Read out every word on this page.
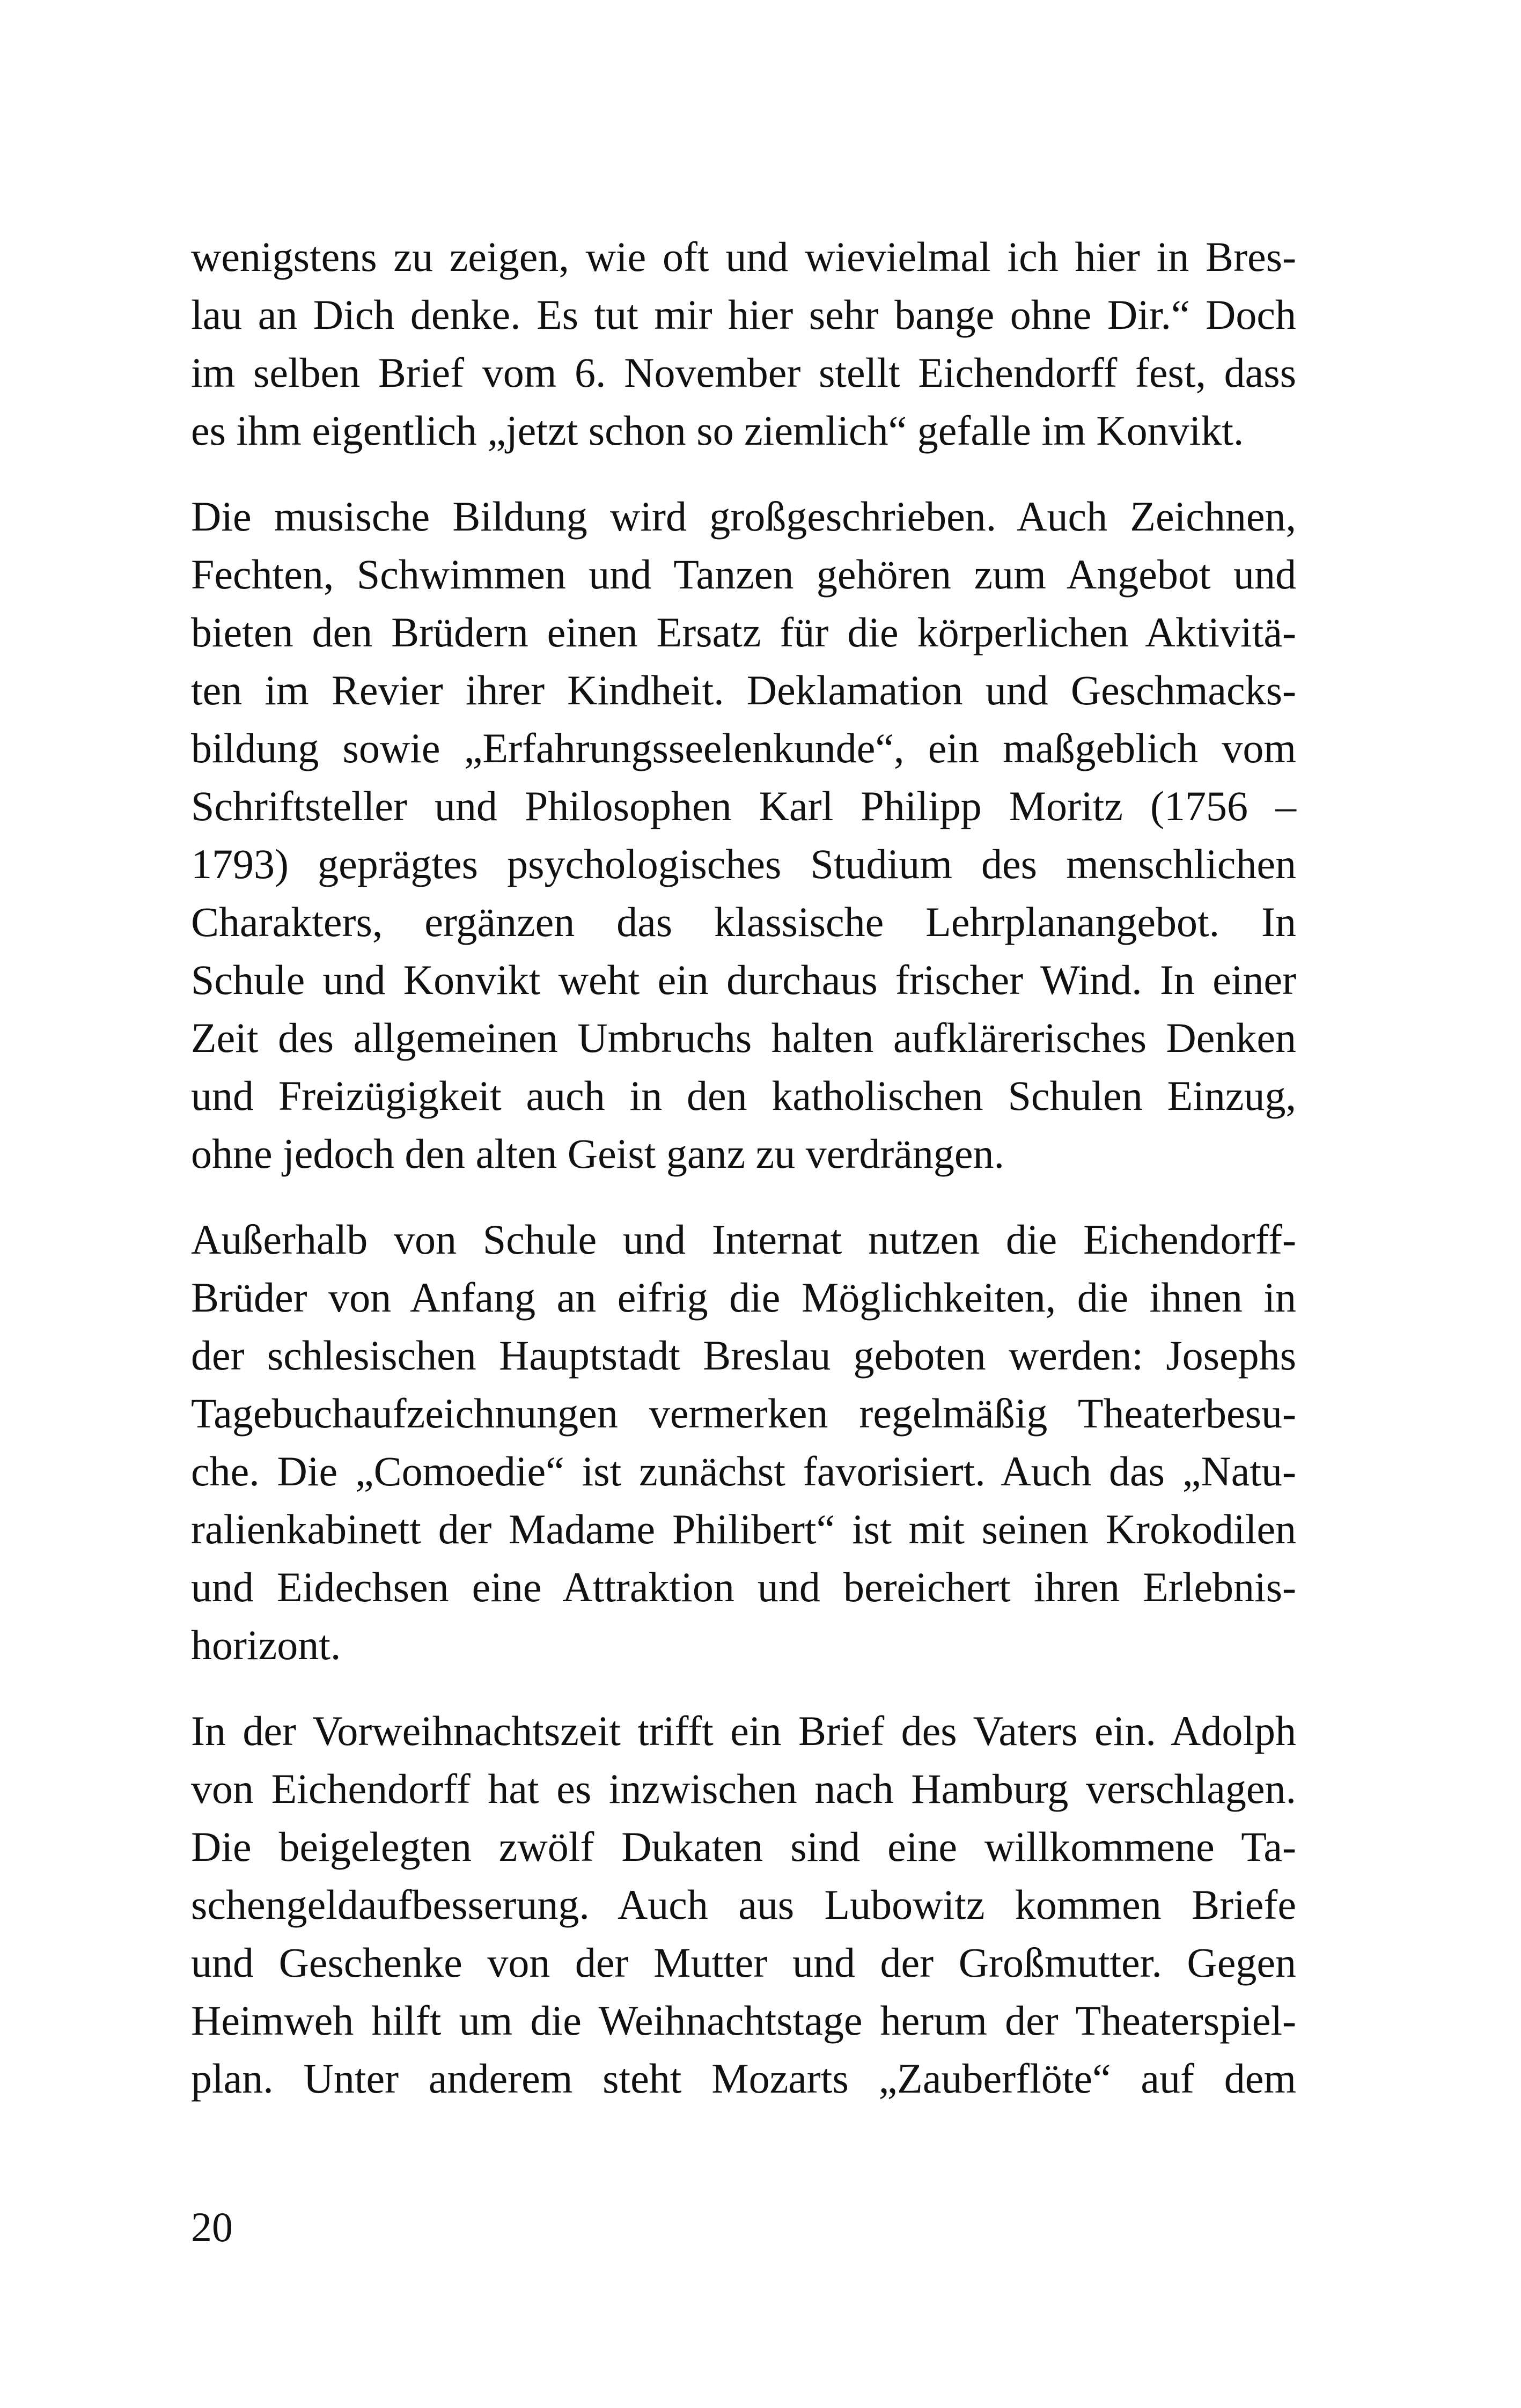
wenigstens zu zeigen, wie oft und wievielmal ich hier in Bres-
lau an Dich denke. Es tut mir hier sehr bange ohne Dir.“ Doch
im selben Brief vom 6. November stellt Eichendorff fest, dass
es ihm eigentlich „jetzt schon so ziemlich“ gefalle im Konvikt.
Die musische Bildung wird großgeschrieben. Auch Zeichnen,
Fechten, Schwimmen und Tanzen gehören zum Angebot und
bieten den Brüdern einen Ersatz für die körperlichen Aktivitä-
ten im Revier ihrer Kindheit. Deklamation und Geschmacks-
bildung sowie „Erfahrungsseelenkunde“, ein maßgeblich vom
Schriftsteller und Philosophen Karl Philipp Moritz (1756 –
1793) geprägtes psychologisches Studium des menschlichen
Charakters, ergänzen das klassische Lehrplanangebot. In
Schule und Konvikt weht ein durchaus frischer Wind. In einer
Zeit des allgemeinen Umbruchs halten aufklärerisches Denken
und Freizügigkeit auch in den katholischen Schulen Einzug,
ohne jedoch den alten Geist ganz zu verdrängen.
Außerhalb von Schule und Internat nutzen die Eichendorff-
Brüder von Anfang an eifrig die Möglichkeiten, die ihnen in
der schlesischen Hauptstadt Breslau geboten werden: Josephs
Tagebuchaufzeichnungen vermerken regelmäßig Theaterbesu-
che. Die „Comoedie“ ist zunächst favorisiert. Auch das „Natu-
ralienkabinett der Madame Philibert“ ist mit seinen Krokodilen
und Eidechsen eine Attraktion und bereichert ihren Erlebnis-
horizont.
In der Vorweihnachtszeit trifft ein Brief des Vaters ein. Adolph
von Eichendorff hat es inzwischen nach Hamburg verschlagen.
Die beigelegten zwölf Dukaten sind eine willkommene Ta-
schengeldaufbesserung. Auch aus Lubowitz kommen Briefe
und Geschenke von der Mutter und der Großmutter. Gegen
Heimweh hilft um die Weihnachtstage herum der Theaterspiel-
plan. Unter anderem steht Mozarts „Zauberflöte“ auf dem
20
